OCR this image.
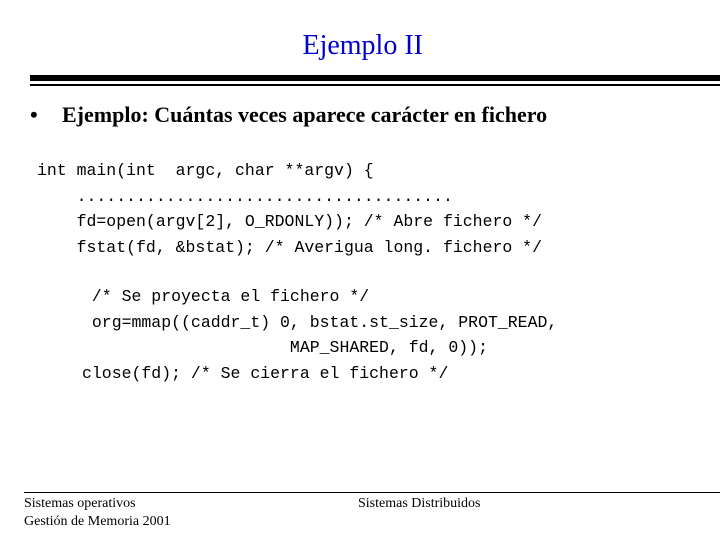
Ejemplo II
• Ejemplo: Cuántas veces aparece carácter en fichero
int main(int  argc, char **argv) {
......................................
fd=open(argv[2], O_RDONLY)); /* Abre fichero */
fstat(fd, &bstat); /* Averigua long. fichero */
/* Se proyecta el fichero */
org=mmap((caddr_t) 0, bstat.st_size, PROT_READ,
MAP_SHARED, fd, 0));
close(fd); /* Se cierra el fichero */
Sistemas operativos
Gestión de Memoria 2001
Sistemas Distribuidos
